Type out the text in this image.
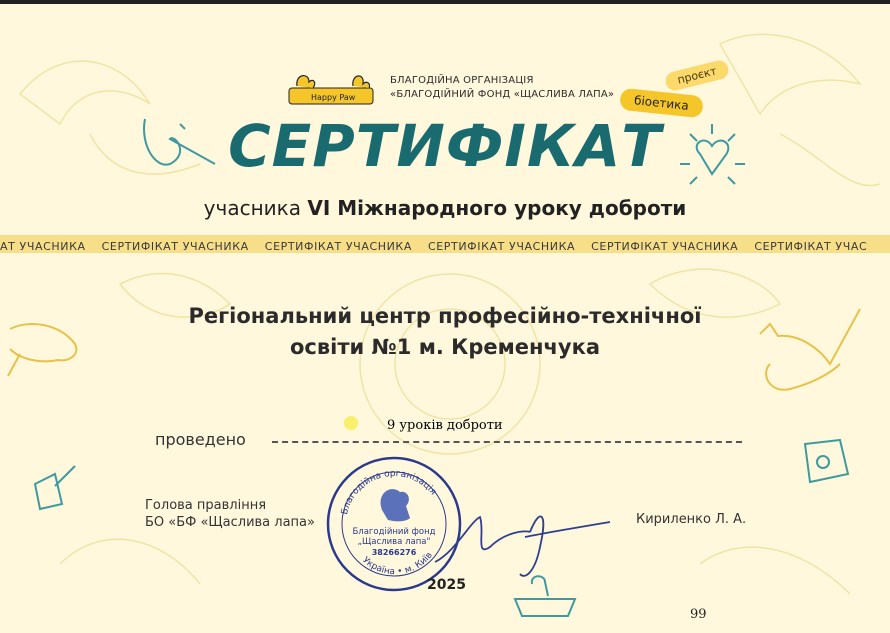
Happy Paw
БЛАГОДІЙНА ОРГАНІЗАЦІЯ
«БЛАГОДІЙНИЙ ФОНД «ЩАСЛИВА ЛАПА»
проєкт
біоетика
СЕРТИФІКАТ
учасника VI Міжнародного уроку доброти
АТ УЧАСНИКА СЕРТИФІКАТ УЧАСНИКА СЕРТИФІКАТ УЧАСНИКА СЕРТИФІКАТ УЧАСНИКА СЕРТИФІКАТ УЧАСНИКА СЕРТИФІКАТ УЧАС
Регіональний центр професійно-технічної
освіти №1 м. Кременчука
проведено
9 уроків доброти
Голова правління
БО «БФ «Щаслива лапа»
Благодійна організація
Україна • м. Київ
Благодійний фонд
„Щаслива лапа"
38266276
2025
Кириленко Л. А.
99
